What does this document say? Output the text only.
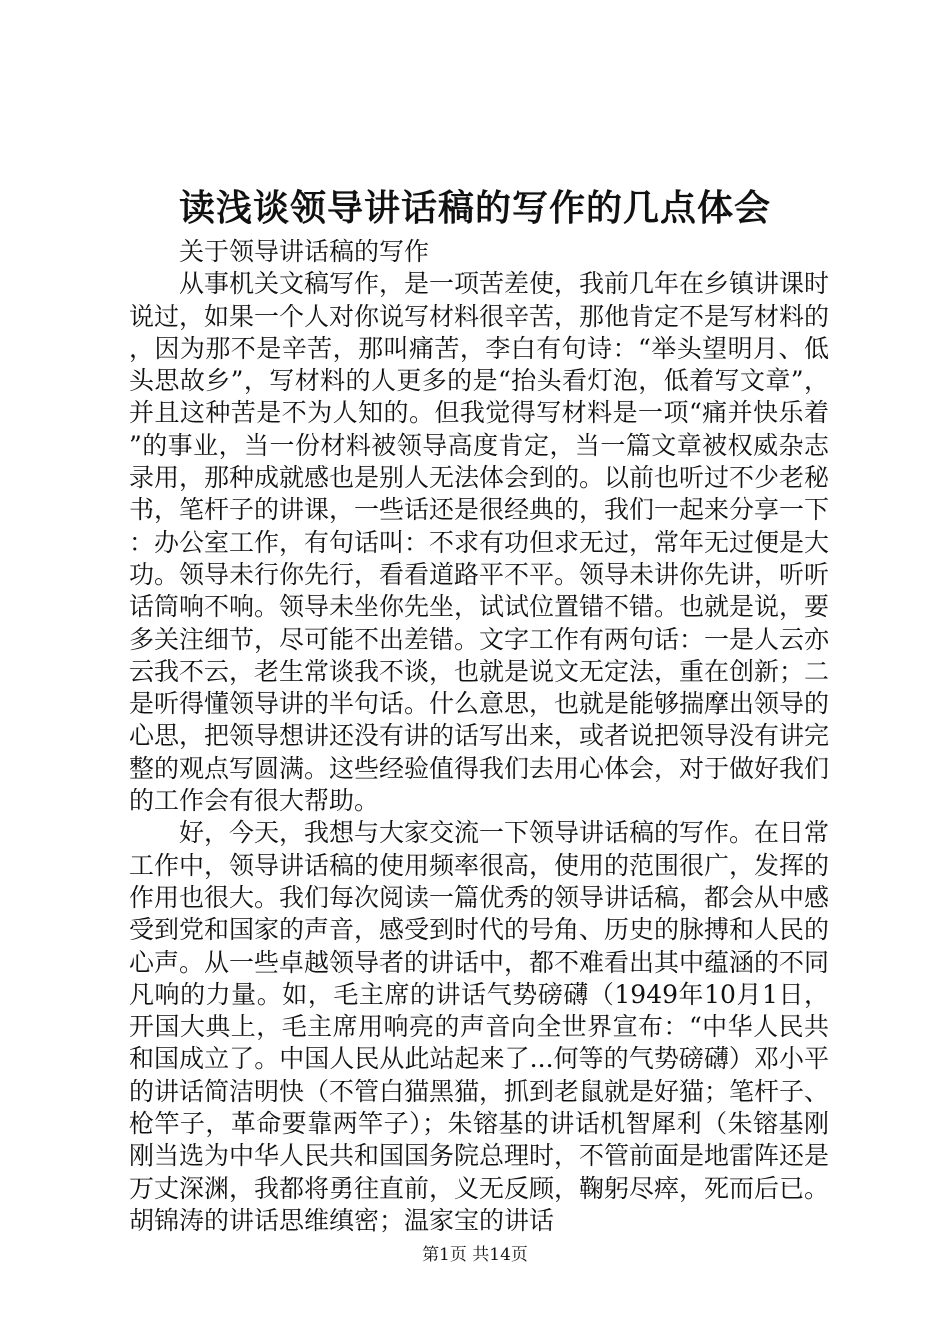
读浅谈领导讲话稿的写作的几点体会

关于领导讲话稿的写作

从事机关文稿写作，是一项苦差使，我前几年在乡镇讲课时说过，如果一个人对你说写材料很辛苦，那他肯定不是写材料的，因为那不是辛苦，那叫痛苦，李白有句诗：“举头望明月、低头思故乡”，写材料的人更多的是“抬头看灯泡，低着写文章”，并且这种苦是不为人知的。但我觉得写材料是一项“痛并快乐着”的事业，当一份材料被领导高度肯定，当一篇文章被权威杂志录用，那种成就感也是别人无法体会到的。以前也听过不少老秘书，笔杆子的讲课，一些话还是很经典的，我们一起来分享一下：办公室工作，有句话叫：不求有功但求无过，常年无过便是大功。领导未行你先行，看看道路平不平。领导未讲你先讲，听听话筒响不响。领导未坐你先坐，试试位置错不错。也就是说，要多关注细节，尽可能不出差错。文字工作有两句话：一是人云亦云我不云，老生常谈我不谈，也就是说文无定法，重在创新；二是听得懂领导讲的半句话。什么意思，也就是能够揣摩出领导的心思，把领导想讲还没有讲的话写出来，或者说把领导没有讲完整的观点写圆满。这些经验值得我们去用心体会，对于做好我们的工作会有很大帮助。

好，今天，我想与大家交流一下领导讲话稿的写作。在日常工作中，领导讲话稿的使用频率很高，使用的范围很广，发挥的作用也很大。我们每次阅读一篇优秀的领导讲话稿，都会从中感受到党和国家的声音，感受到时代的号角、历史的脉搏和人民的心声。从一些卓越领导者的讲话中，都不难看出其中蕴涵的不同凡响的力量。如，毛主席的讲话气势磅礴（1949年10月1日，开国大典上，毛主席用响亮的声音向全世界宣布：“中华人民共和国成立了。中国人民从此站起来了...何等的气势磅礴）邓小平的讲话简洁明快（不管白猫黑猫，抓到老鼠就是好猫；笔杆子、枪竿子，革命要靠两竿子）；朱镕基的讲话机智犀利（朱镕基刚刚当选为中华人民共和国国务院总理时，不管前面是地雷阵还是万丈深渊，我都将勇往直前，义无反顾，鞠躬尽瘁，死而后已。胡锦涛的讲话思维缜密；温家宝的讲话

第1页 共14页
